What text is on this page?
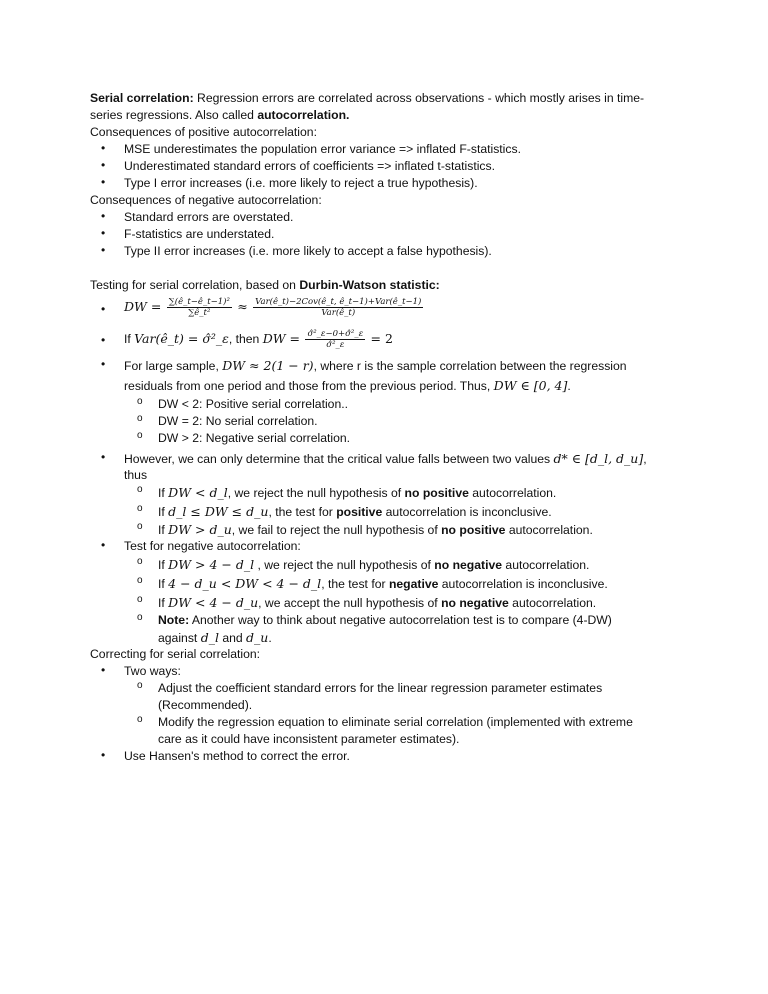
Serial correlation: Regression errors are correlated across observations - which mostly arises in time-
series regressions. Also called autocorrelation.
Consequences of positive autocorrelation:
• MSE underestimates the population error variance => inflated F-statistics.
• Underestimated standard errors of coefficients => inflated t-statistics.
• Type I error increases (i.e. more likely to reject a true hypothesis).
Consequences of negative autocorrelation:
• Standard errors are overstated.
• F-statistics are understated.
• Type II error increases (i.e. more likely to accept a false hypothesis).
Testing for serial correlation, based on Durbin-Watson statistic:
• DW = $\frac{\text{∑(ê\_t−ê\_t−1)²}}{\text{∑ê\_t²}} \approx \frac{\text{Var(ê\_t)−2Cov(ê\_t, ê\_t−1)+Var(ê\_t−1)}}{\text{Var(ê\_t)}}$
• If Var(ê_t) = σ̂²_ε, then DW = $\frac{\text{σ̂²\_ε−0+σ̂²\_ε}}{\text{σ̂²\_ε}} = 2$
• For large sample, DW ≈ 2(1 − r), where r is the sample correlation between the regression
residuals from one period and those from the previous period. Thus, DW ∈ [0, 4].
o DW < 2: Positive serial correlation..
o DW = 2: No serial correlation.
o DW > 2: Negative serial correlation.
• However, we can only determine that the critical value falls between two values d* ∈ [d_l, d_u],
thus
o If DW < d_l, we reject the null hypothesis of no positive autocorrelation.
o If d_l ≤ DW ≤ d_u, the test for positive autocorrelation is inconclusive.
o If DW > d_u, we fail to reject the null hypothesis of no positive autocorrelation.
• Test for negative autocorrelation:
o If DW > 4 − d_l , we reject the null hypothesis of no negative autocorrelation.
o If 4 − d_u < DW < 4 − d_l, the test for negative autocorrelation is inconclusive.
o If DW < 4 − d_u, we accept the null hypothesis of no negative autocorrelation.
o Note: Another way to think about negative autocorrelation test is to compare (4-DW)
against d_l and d_u.
Correcting for serial correlation:
• Two ways:
o Adjust the coefficient standard errors for the linear regression parameter estimates
(Recommended).
o Modify the regression equation to eliminate serial correlation (implemented with extreme
care as it could have inconsistent parameter estimates).
• Use Hansen's method to correct the error.
